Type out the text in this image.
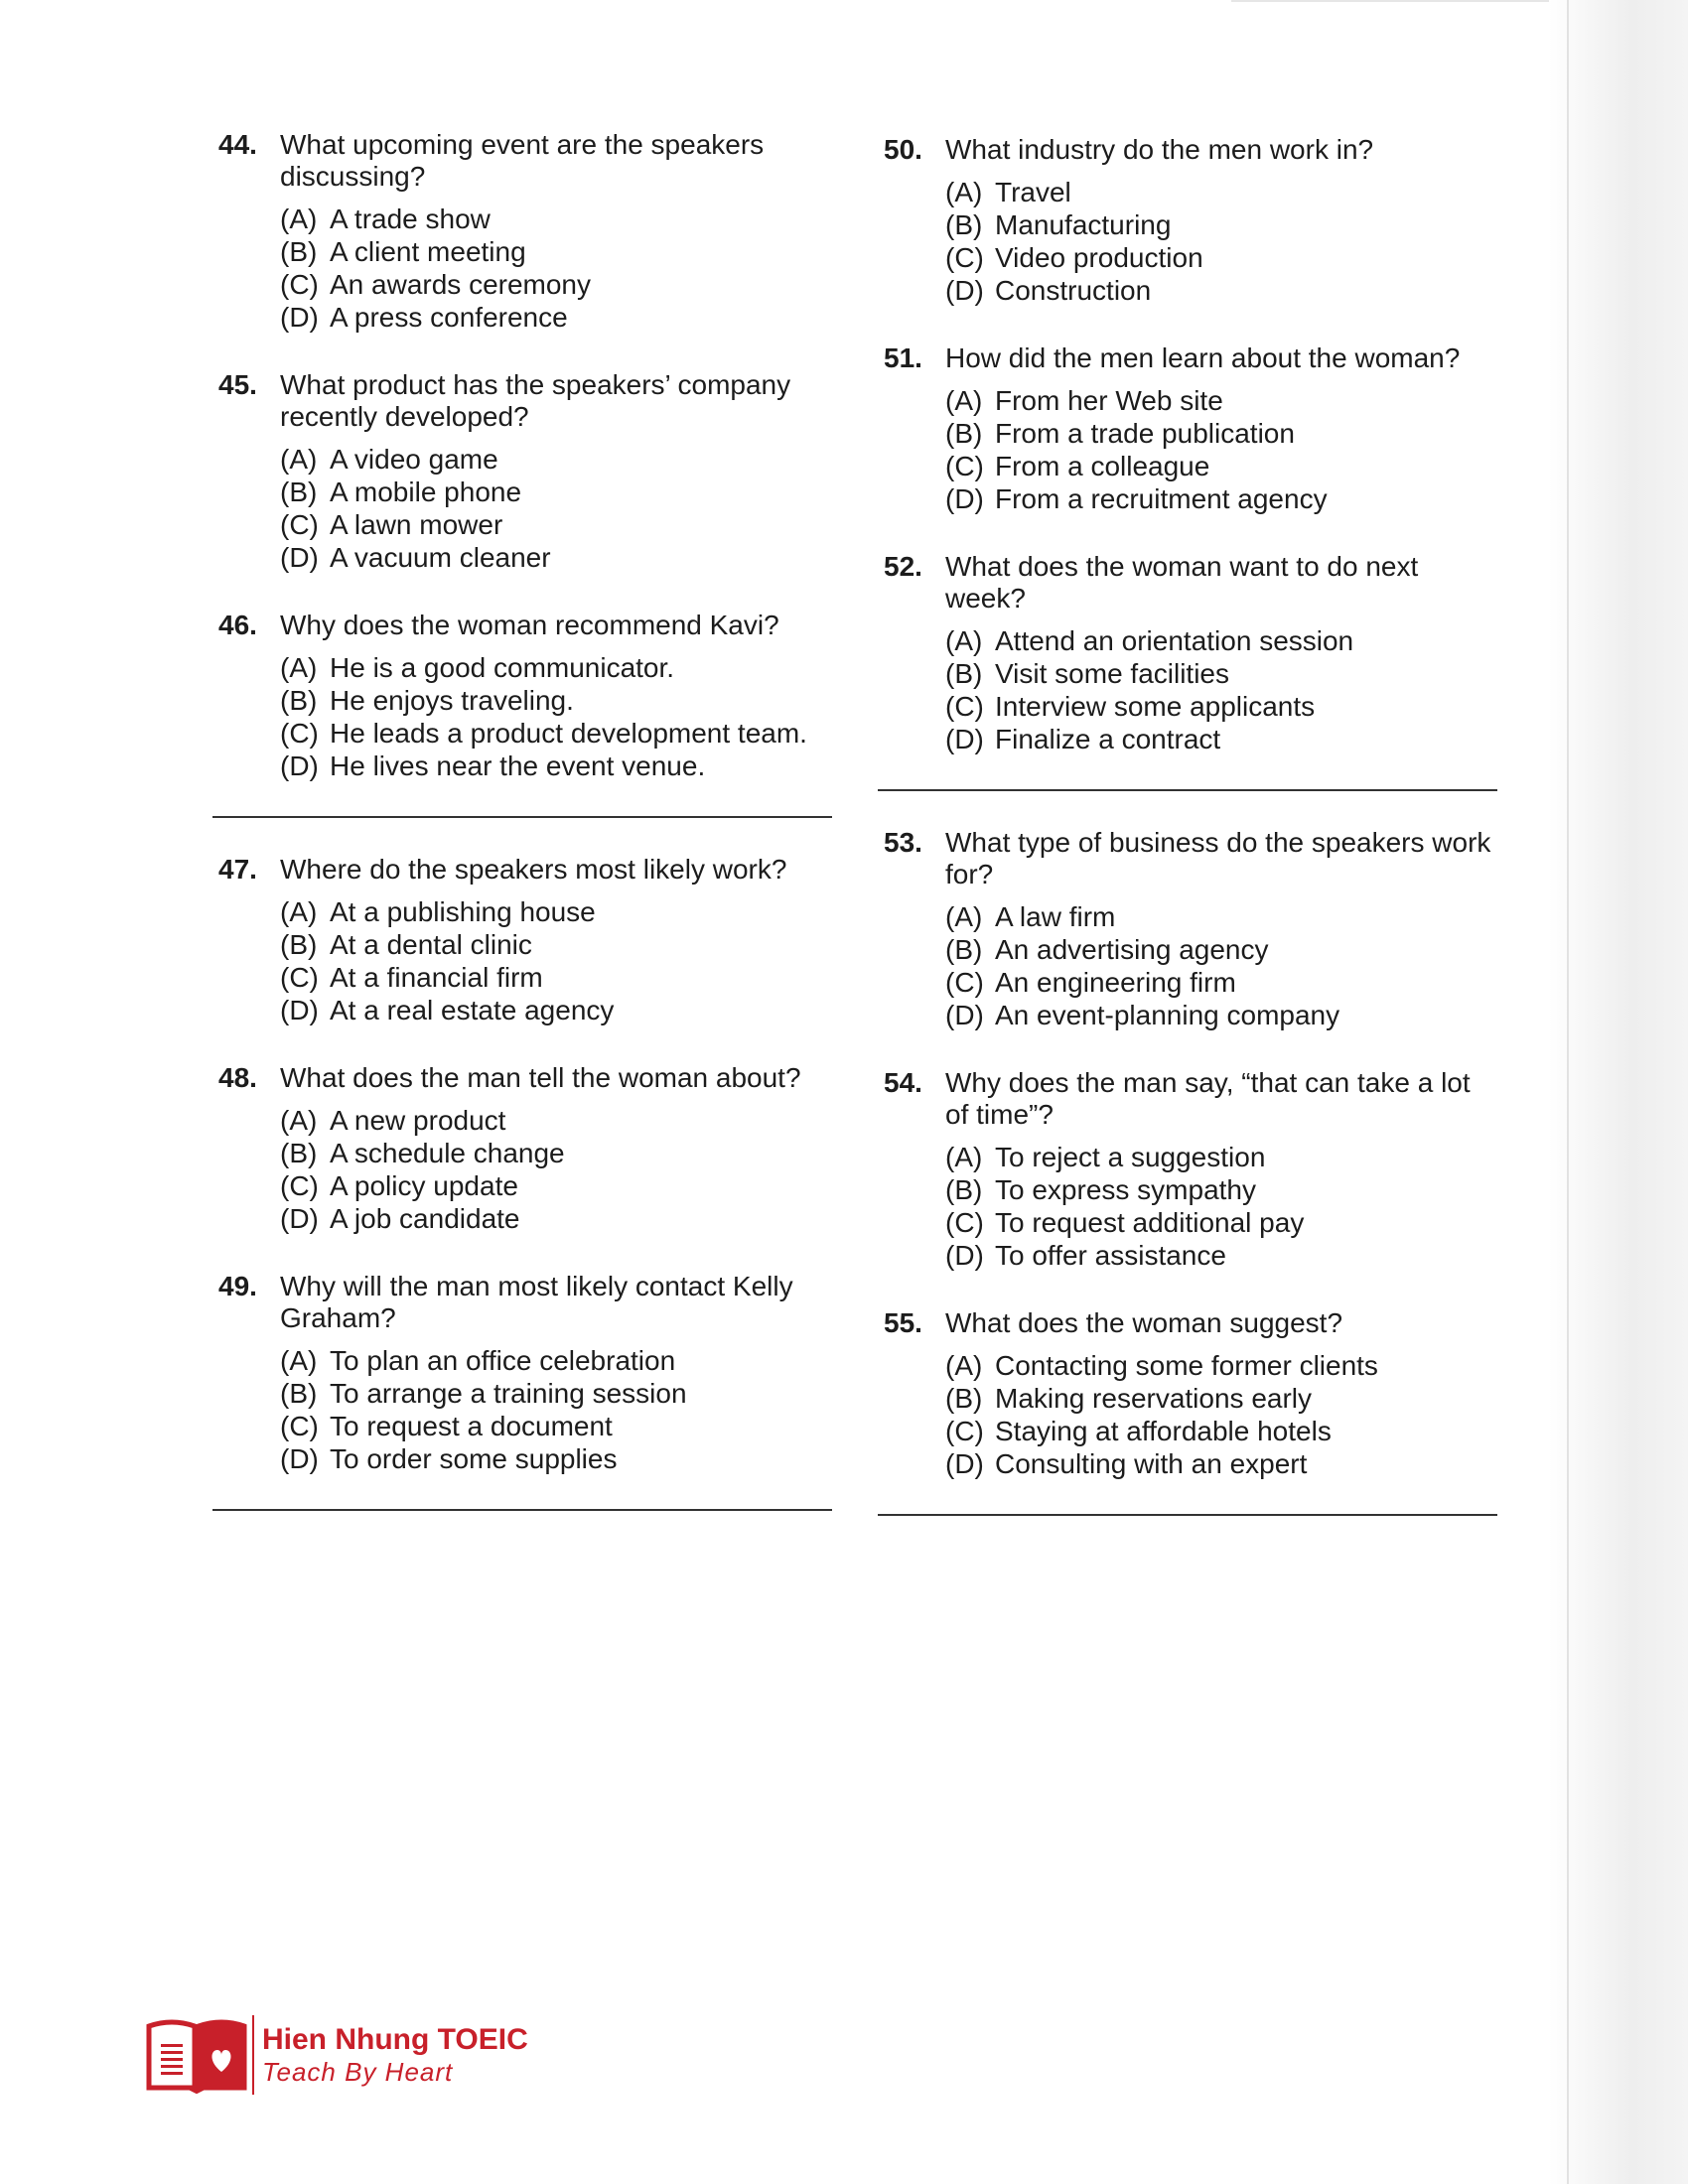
44. What upcoming event are the speakers discussing?
(A) A trade show
(B) A client meeting
(C) An awards ceremony
(D) A press conference
45. What product has the speakers’ company recently developed?
(A) A video game
(B) A mobile phone
(C) A lawn mower
(D) A vacuum cleaner
46. Why does the woman recommend Kavi?
(A) He is a good communicator.
(B) He enjoys traveling.
(C) He leads a product development team.
(D) He lives near the event venue.
47. Where do the speakers most likely work?
(A) At a publishing house
(B) At a dental clinic
(C) At a financial firm
(D) At a real estate agency
48. What does the man tell the woman about?
(A) A new product
(B) A schedule change
(C) A policy update
(D) A job candidate
49. Why will the man most likely contact Kelly Graham?
(A) To plan an office celebration
(B) To arrange a training session
(C) To request a document
(D) To order some supplies
50. What industry do the men work in?
(A) Travel
(B) Manufacturing
(C) Video production
(D) Construction
51. How did the men learn about the woman?
(A) From her Web site
(B) From a trade publication
(C) From a colleague
(D) From a recruitment agency
52. What does the woman want to do next week?
(A) Attend an orientation session
(B) Visit some facilities
(C) Interview some applicants
(D) Finalize a contract
53. What type of business do the speakers work for?
(A) A law firm
(B) An advertising agency
(C) An engineering firm
(D) An event-planning company
54. Why does the man say, “that can take a lot of time”?
(A) To reject a suggestion
(B) To express sympathy
(C) To request additional pay
(D) To offer assistance
55. What does the woman suggest?
(A) Contacting some former clients
(B) Making reservations early
(C) Staying at affordable hotels
(D) Consulting with an expert
Hien Nhung TOEIC
Teach By Heart
